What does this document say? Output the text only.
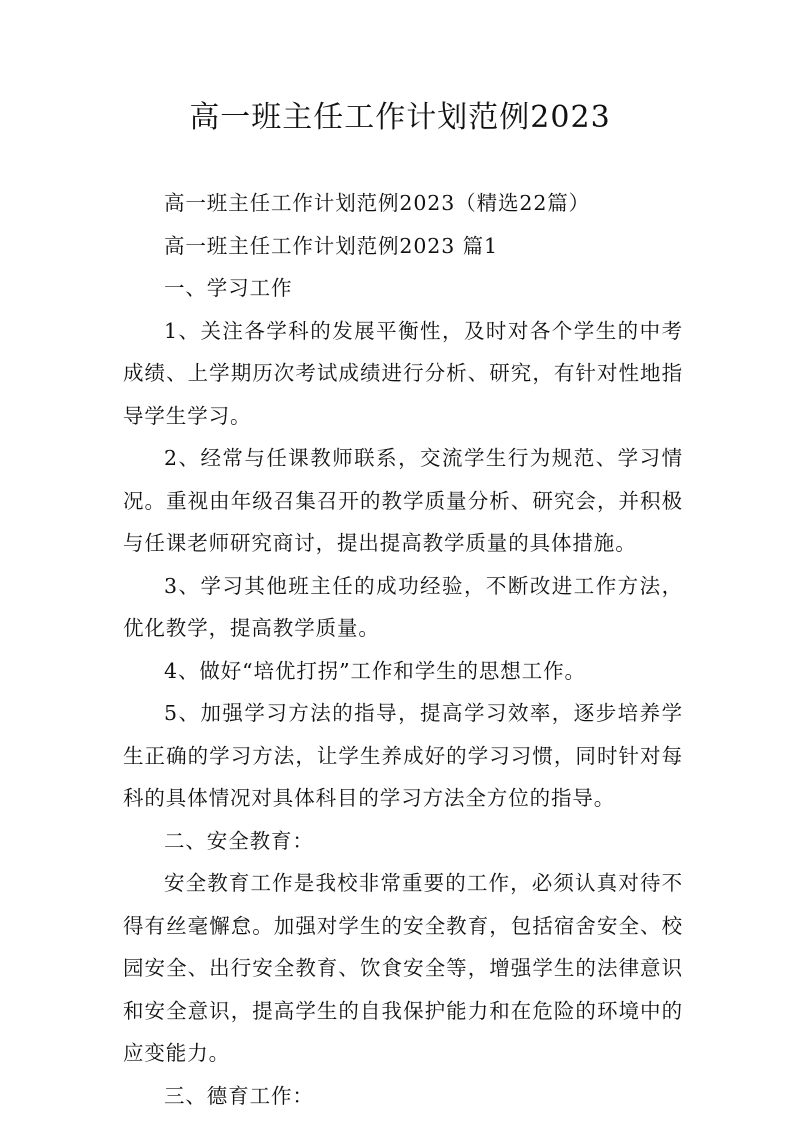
高一班主任工作计划范例2023

高一班主任工作计划范例2023（精选22篇）

高一班主任工作计划范例2023 篇1

一、学习工作

1、关注各学科的发展平衡性，及时对各个学生的中考成绩、上学期历次考试成绩进行分析、研究，有针对性地指导学生学习。

2、经常与任课教师联系，交流学生行为规范、学习情况。重视由年级召集召开的教学质量分析、研究会，并积极与任课老师研究商讨，提出提高教学质量的具体措施。

3、学习其他班主任的成功经验，不断改进工作方法，优化教学，提高教学质量。

4、做好“培优打拐”工作和学生的思想工作。

5、加强学习方法的指导，提高学习效率，逐步培养学生正确的学习方法，让学生养成好的学习习惯，同时针对每科的具体情况对具体科目的学习方法全方位的指导。

二、安全教育：

安全教育工作是我校非常重要的工作，必须认真对待不得有丝毫懈怠。加强对学生的安全教育，包括宿舍安全、校园安全、出行安全教育、饮食安全等，增强学生的法律意识和安全意识，提高学生的自我保护能力和在危险的环境中的应变能力。

三、德育工作：
